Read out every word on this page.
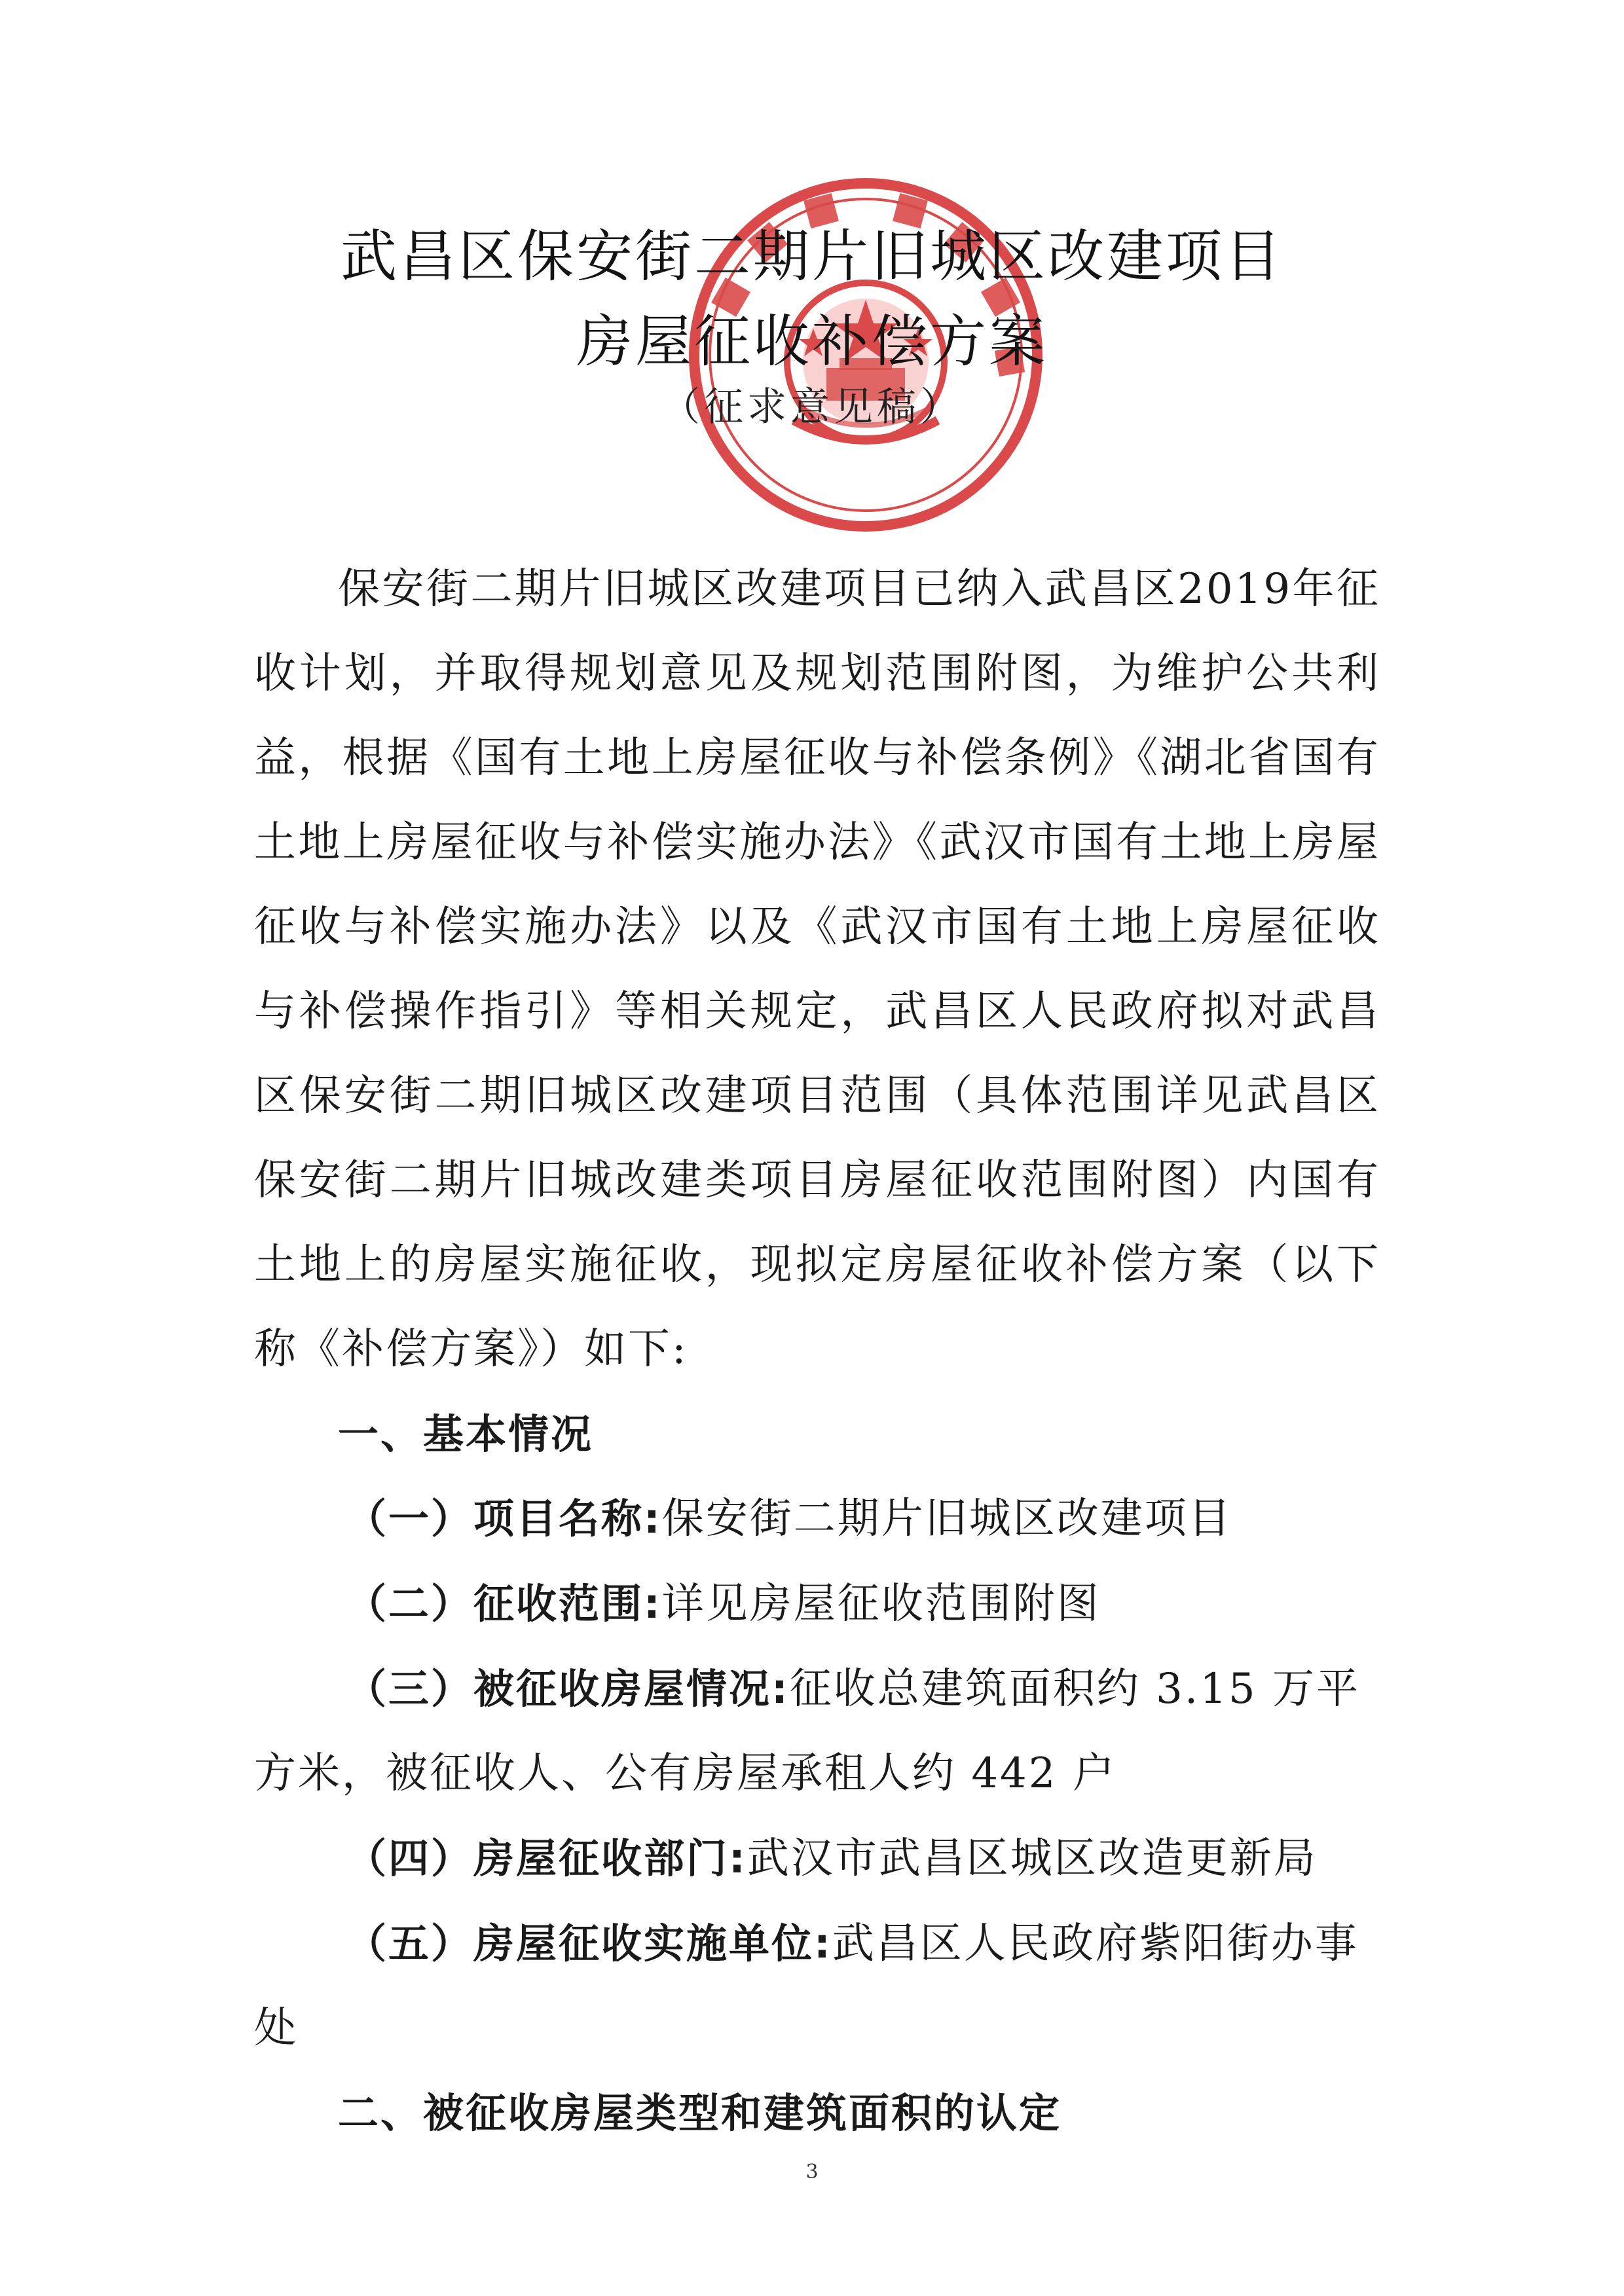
武昌区保安街二期片旧城区改建项目
房屋征收补偿方案
（征求意见稿）

保安街二期片旧城区改建项目已纳入武昌区2019年征收计划，并取得规划意见及规划范围附图，为维护公共利益，根据《国有土地上房屋征收与补偿条例》《湖北省国有土地上房屋征收与补偿实施办法》《武汉市国有土地上房屋征收与补偿实施办法》以及《武汉市国有土地上房屋征收与补偿操作指引》等相关规定，武昌区人民政府拟对武昌区保安街二期旧城区改建项目范围（具体范围详见武昌区保安街二期片旧城改建类项目房屋征收范围附图）内国有土地上的房屋实施征收，现拟定房屋征收补偿方案（以下称《补偿方案》）如下:

一、基本情况

（一）项目名称:保安街二期片旧城区改建项目

（二）征收范围:详见房屋征收范围附图

（三）被征收房屋情况:征收总建筑面积约 3.15 万平方米，被征收人、公有房屋承租人约 442 户

（四）房屋征收部门:武汉市武昌区城区改造更新局

（五）房屋征收实施单位:武昌区人民政府紫阳街办事处

二、被征收房屋类型和建筑面积的认定

3
